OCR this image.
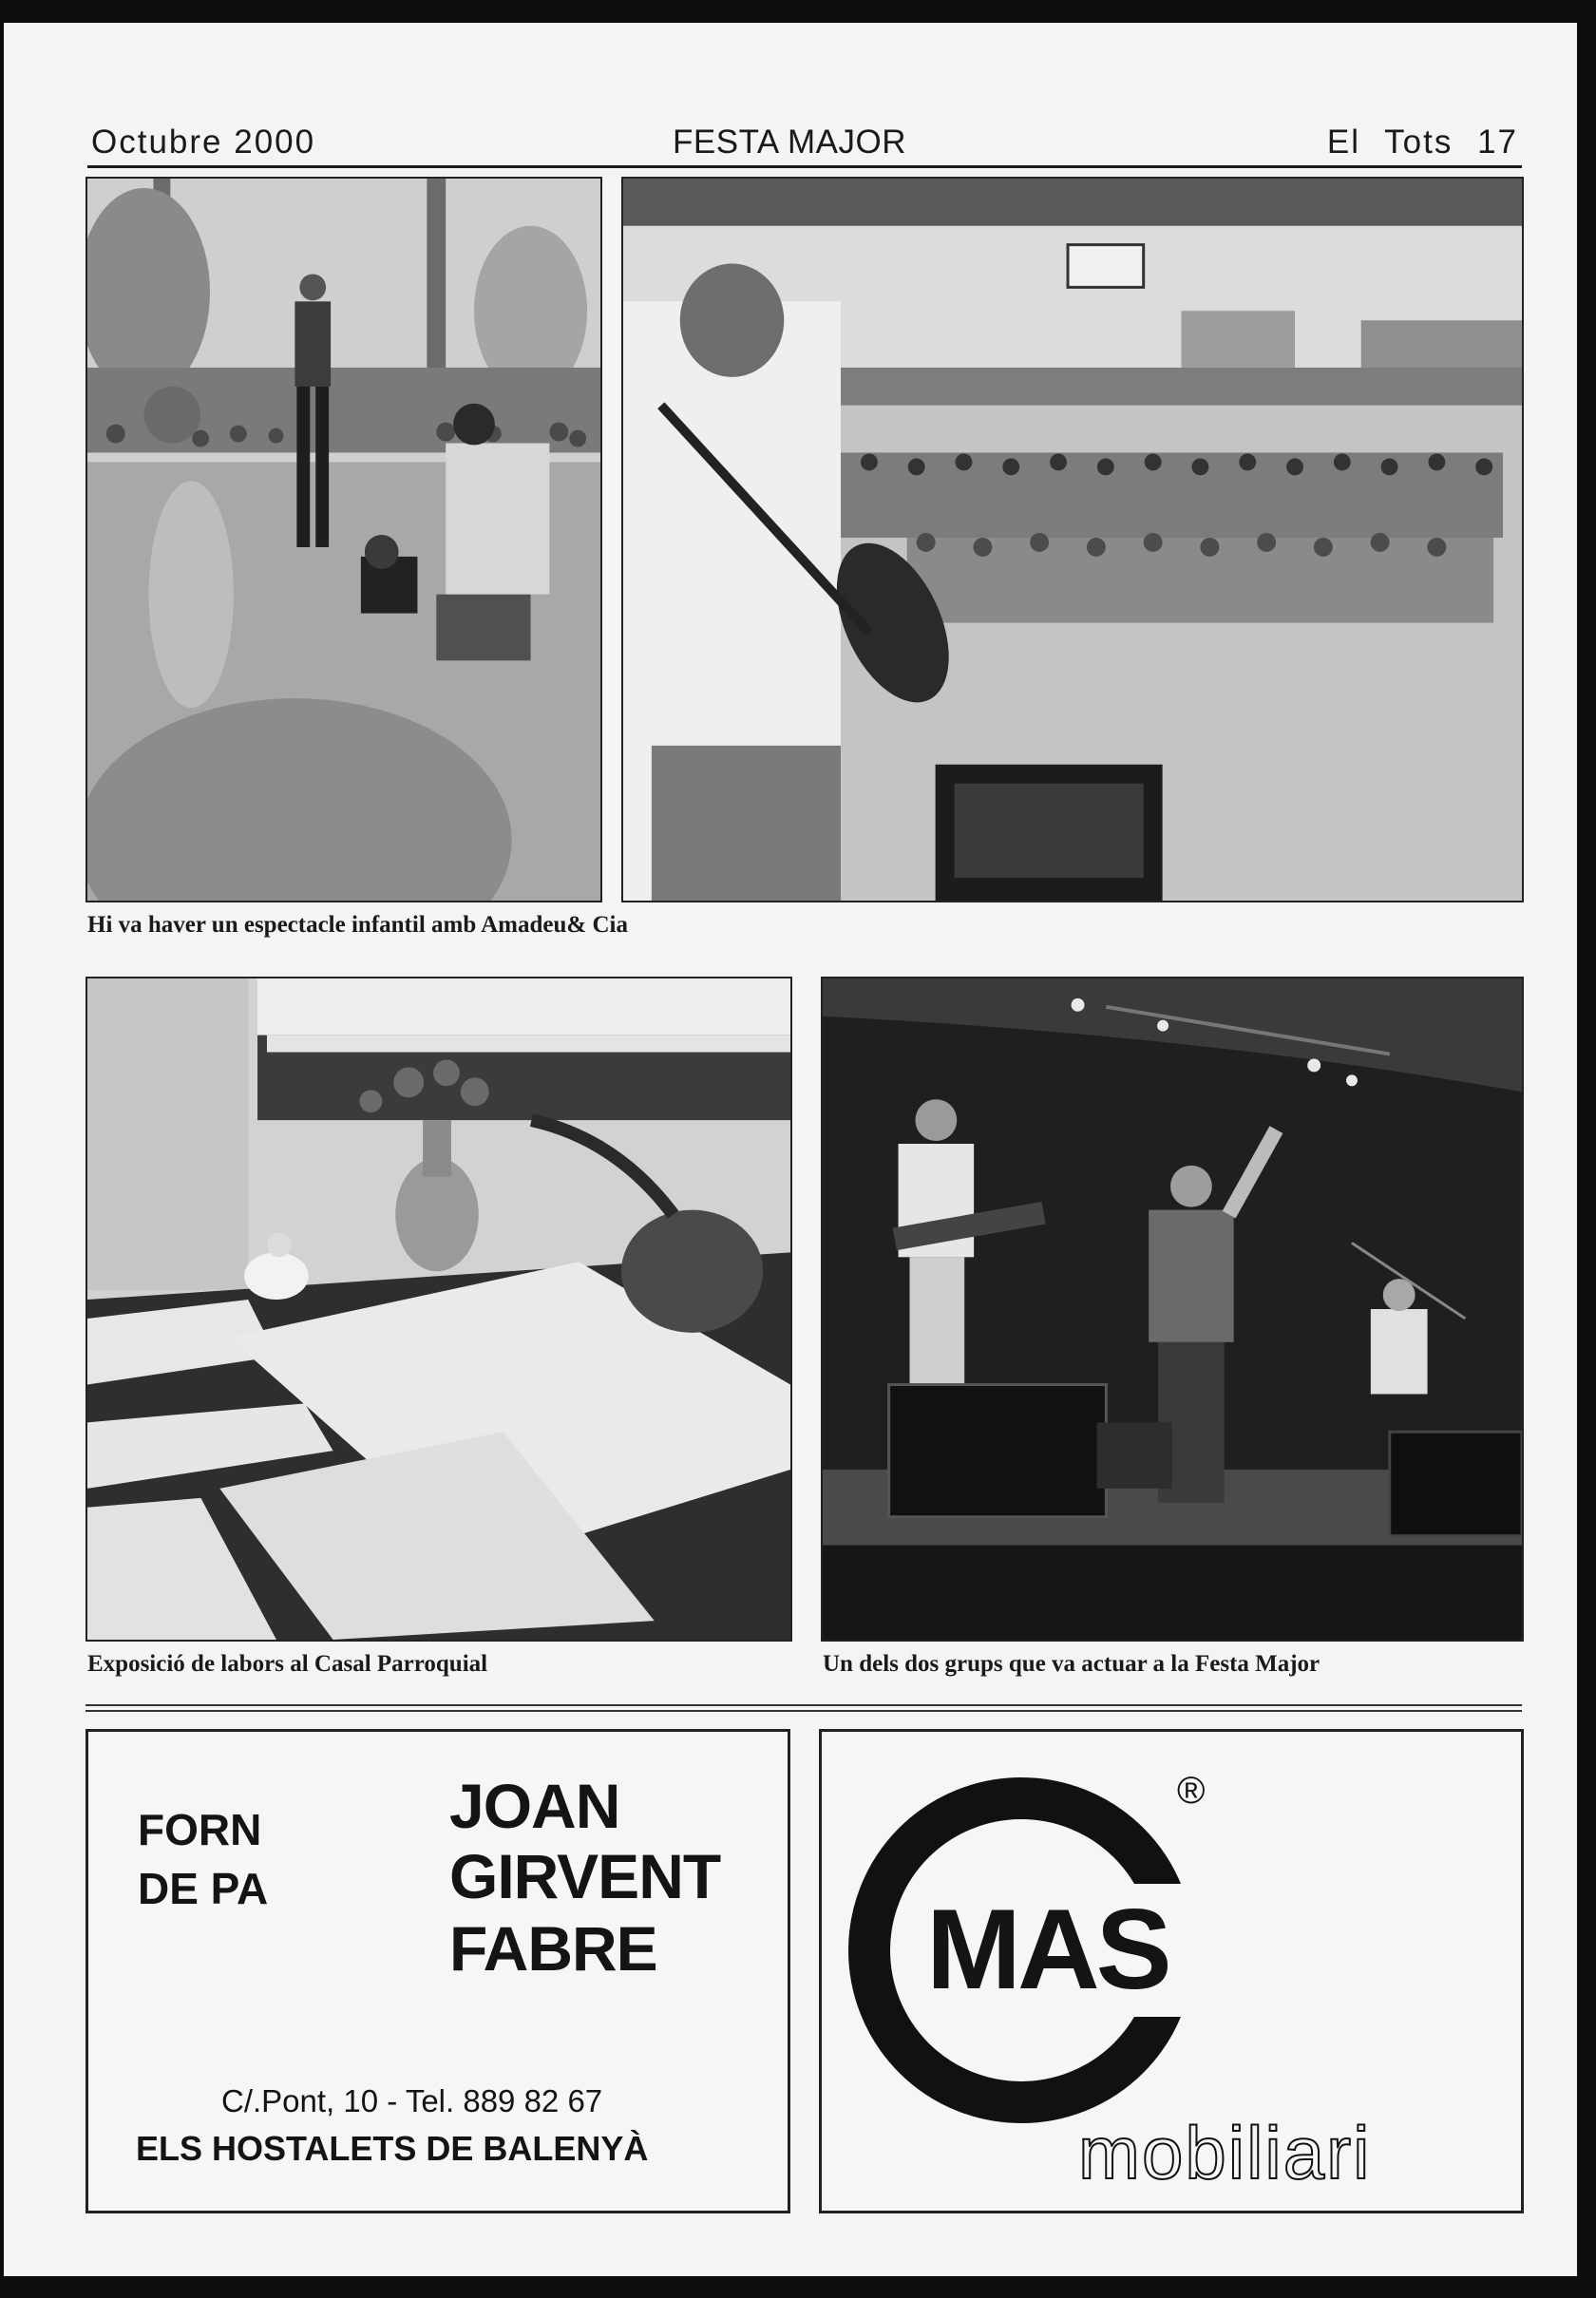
Octubre 2000	FESTA MAJOR	El Tots 17
Hi va haver un espectacle infantil amb Amadeu& Cia
Exposició de labors al Casal Parroquial	Un dels dos grups que va actuar a la Festa Major
FORN
DE PA
JOAN
GIRVENT
FABRE
C/.Pont, 10 - Tel. 889 82 67
ELS HOSTALETS DE BALENYÀ
MAS
®
mobiliari
